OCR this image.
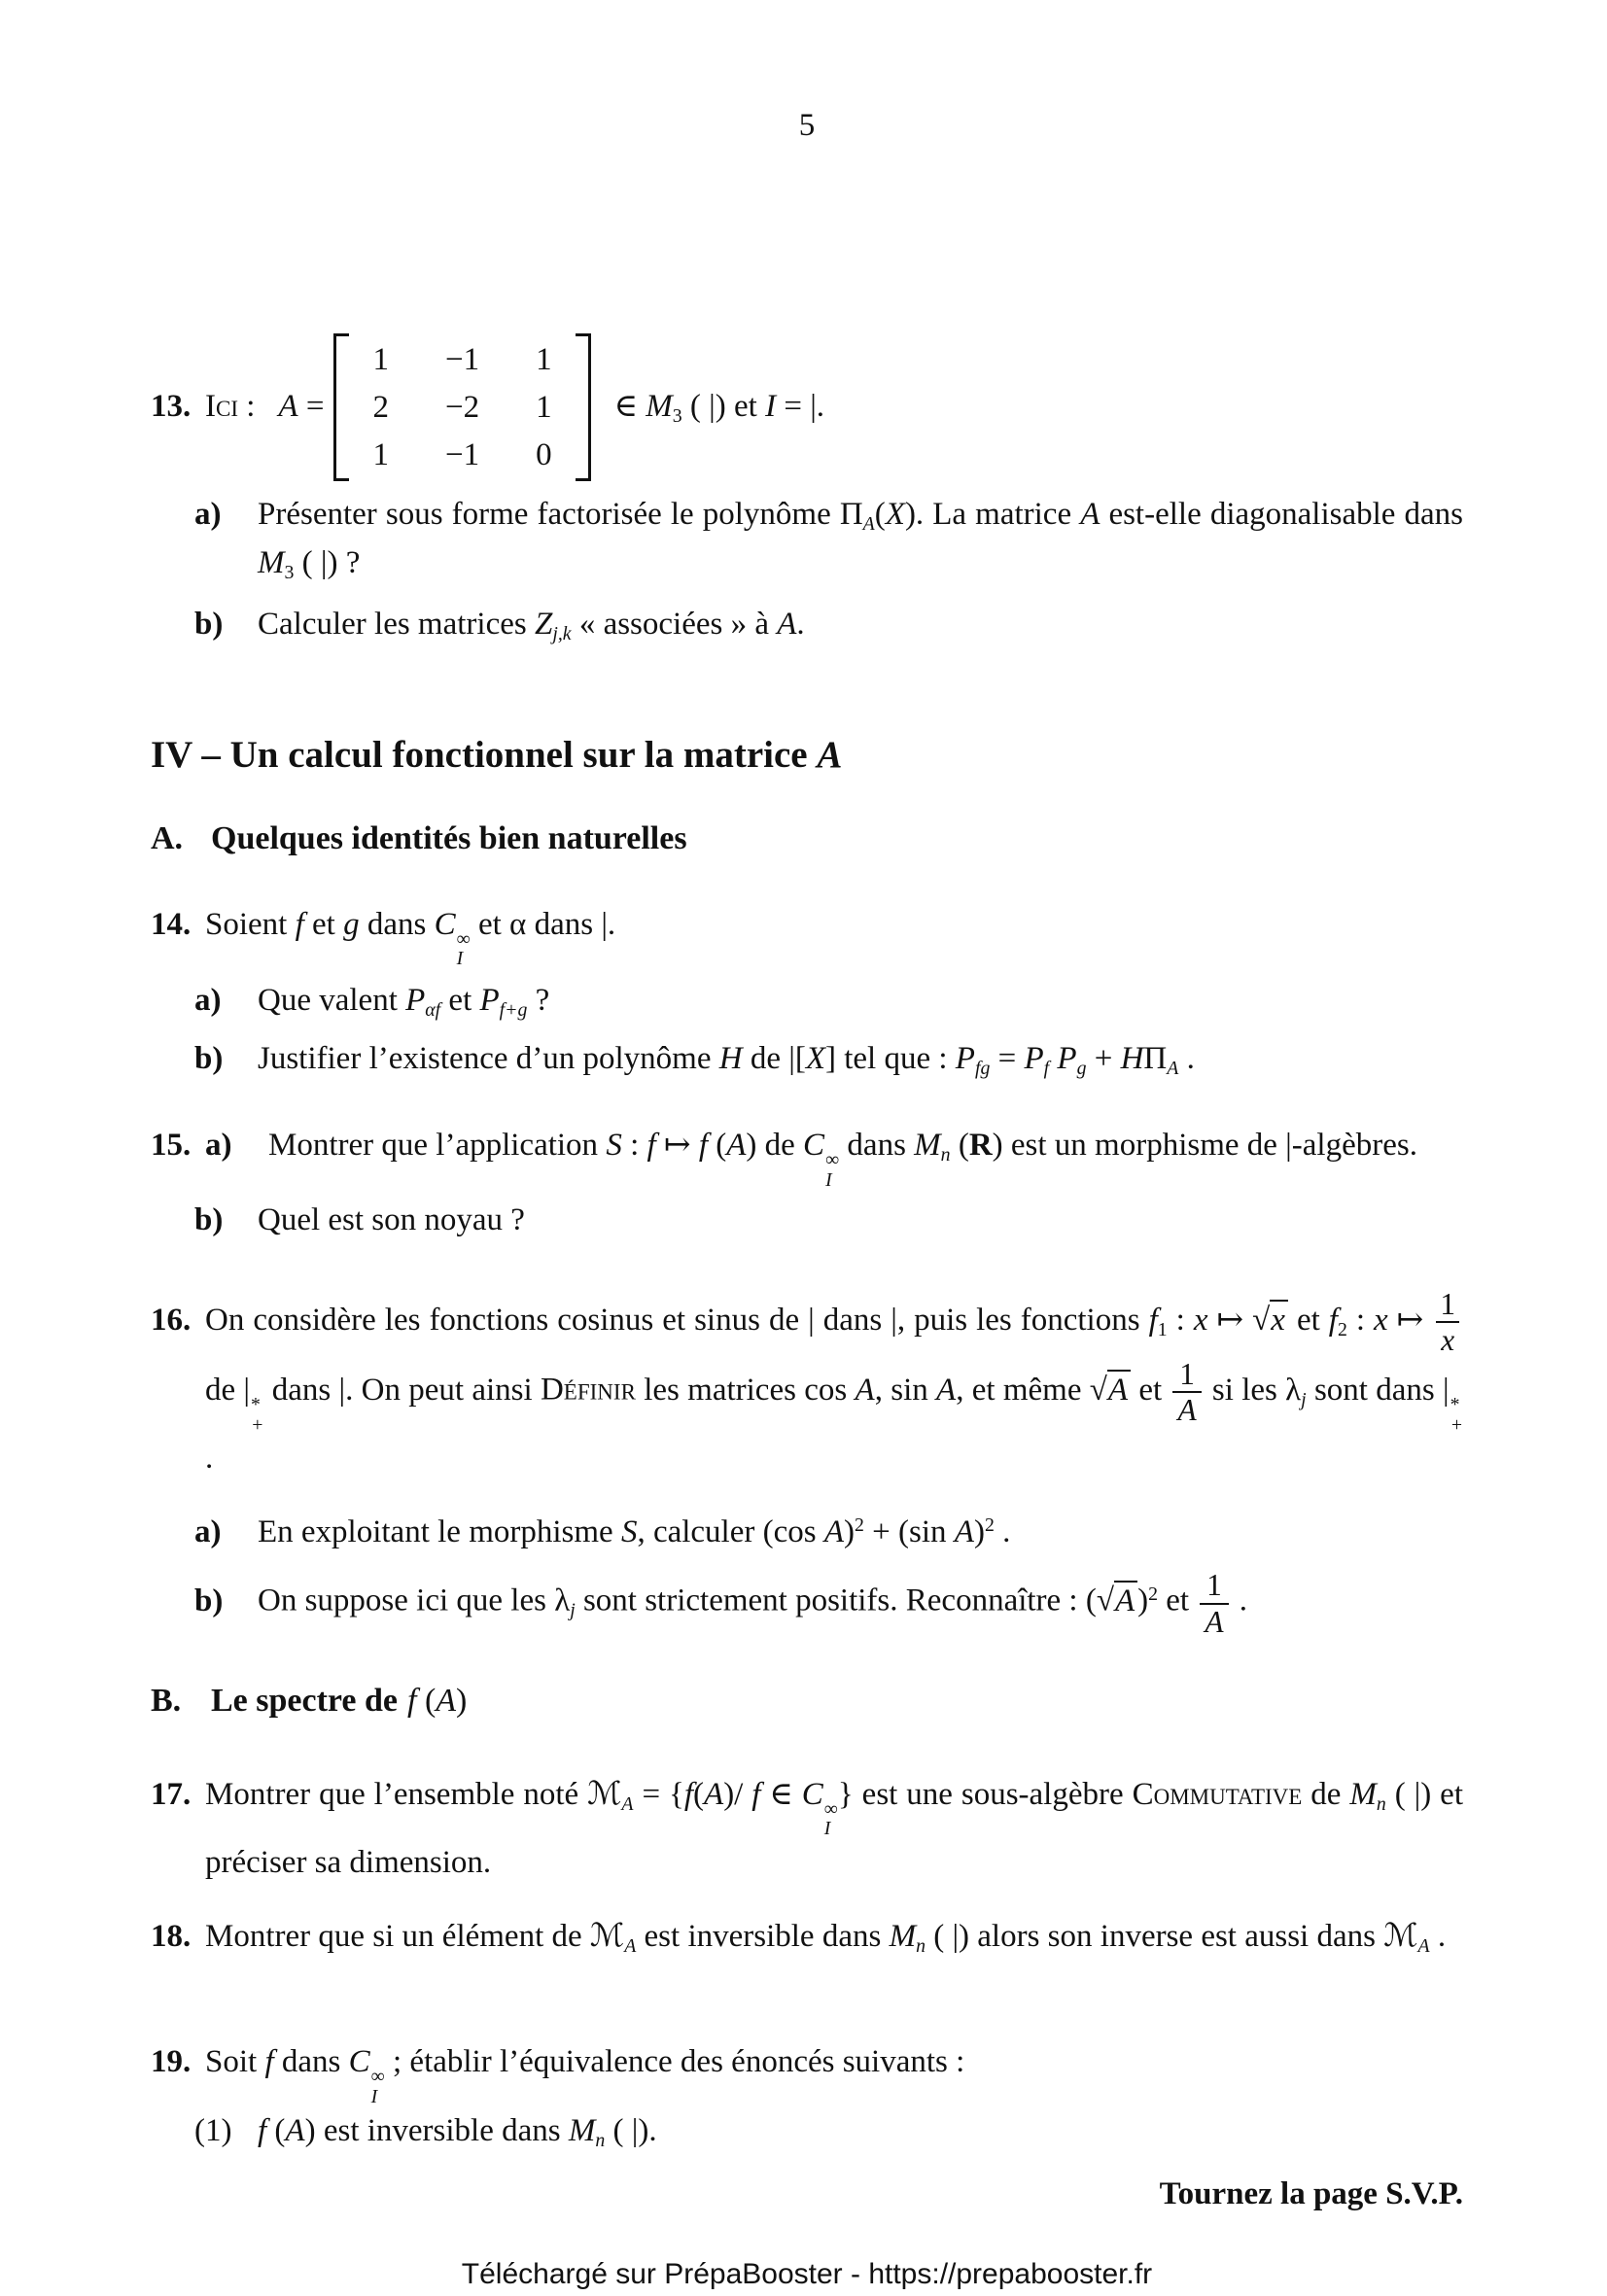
5
13. Ici : A =
1 −1 1
2 −2 1
1 −1 0
∈ $M_3$ ( |) et I = |.
a)	Présenter sous forme factorisée le polynôme $\Pi_A(X)$. La matrice A est-elle diagonalisable dans $M_3$ ( |) ?
b)	Calculer les matrices $Z_{j,k}$ « associées » à A.
IV – Un calcul fonctionnel sur la matrice A
A. Quelques identités bien naturelles
14. Soient f et g dans C ∞
I
et α dans |.
a)	Que valent $P_{\alpha f}$ et $P_{f+g}$ ?
b)	Justifier l’existence d’un polynôme H de |[X] tel que : $P_{fg} = P_f$ $P_g + H\Pi_A$ .
15. a)	Montrer que l’application S : f ↦ f (A) de C ∞
I
dans $M_n$ (R) est un morphisme de |-algèbres.
b)	Quel est son noyau ?
16. On considère les fonctions cosinus et sinus de | dans |, puis les fonctions $f_1$ : x ↦ √x et $f_2$ : x ↦ $\frac{1}{x}$
de | *
+
dans |. On peut ainsi Définir les matrices cos A, sin A, et même √A et $\frac{1}{A}$ si les $\lambda_j$ sont dans | *
+
.
a)	En exploitant le morphisme S, calculer (cos A)$^2$ + (sin A)$^2$ .
b)	On suppose ici que les $\lambda_j$ sont strictement positifs. Reconnaître : $(√A)^2$ et $\frac{1}{A}$ .
B. Le spectre de f (A)
17. Montrer que l’ensemble noté ℳ$_A$ = {f(A)/ f ∈ C ∞
I
} est une sous-algèbre Commutative de $M_n$ ( |) et préciser sa dimension.
18. Montrer que si un élément de ℳ$_A$ est inversible dans $M_n$ ( |) alors son inverse est aussi dans ℳ$_A$ .
19. Soit f dans C ∞
I
; établir l’équivalence des énoncés suivants :
(1) f (A) est inversible dans $M_n$ ( |).
Tournez la page S.V.P.
Téléchargé sur PrépaBooster - https://prepabooster.fr
